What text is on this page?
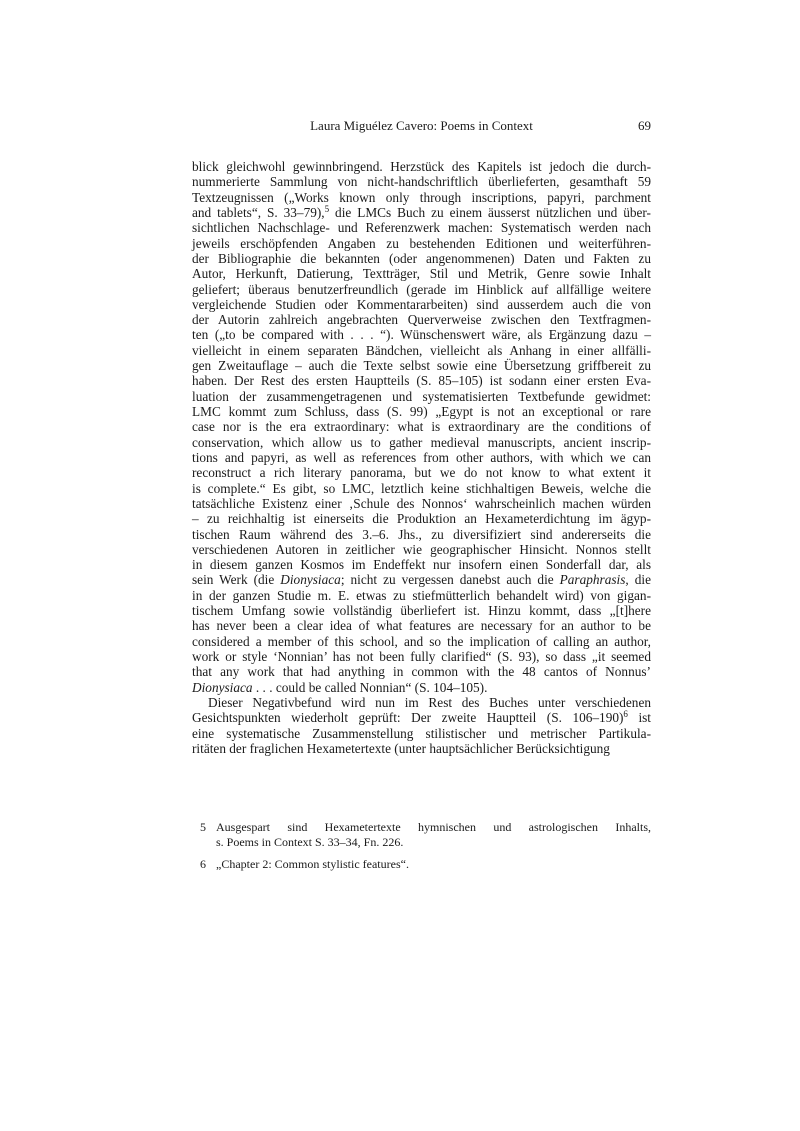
Laura Miguélez Cavero: Poems in Context	69
blick gleichwohl gewinnbringend. Herzstück des Kapitels ist jedoch die durch-
nummerierte Sammlung von nicht-handschriftlich überlieferten, gesamthaft 59
Textzeugnissen („Works known only through inscriptions, papyri, parchment
and tablets“, S. 33–79),$^5$ die LMCs Buch zu einem äusserst nützlichen und über-
sichtlichen Nachschlage- und Referenzwerk machen: Systematisch werden nach
jeweils erschöpfenden Angaben zu bestehenden Editionen und weiterführen-
der Bibliographie die bekannten (oder angenommenen) Daten und Fakten zu
Autor, Herkunft, Datierung, Textträger, Stil und Metrik, Genre sowie Inhalt
geliefert; überaus benutzerfreundlich (gerade im Hinblick auf allfällige weitere
vergleichende Studien oder Kommentararbeiten) sind ausserdem auch die von
der Autorin zahlreich angebrachten Querverweise zwischen den Textfragmen-
ten („to be compared with . . . “). Wünschenswert wäre, als Ergänzung dazu –
vielleicht in einem separaten Bändchen, vielleicht als Anhang in einer allfälli-
gen Zweitauflage – auch die Texte selbst sowie eine Übersetzung griffbereit zu
haben. Der Rest des ersten Hauptteils (S. 85–105) ist sodann einer ersten Eva-
luation der zusammengetragenen und systematisierten Textbefunde gewidmet:
LMC kommt zum Schluss, dass (S. 99) „Egypt is not an exceptional or rare
case nor is the era extraordinary: what is extraordinary are the conditions of
conservation, which allow us to gather medieval manuscripts, ancient inscrip-
tions and papyri, as well as references from other authors, with which we can
reconstruct a rich literary panorama, but we do not know to what extent it
is complete.“ Es gibt, so LMC, letztlich keine stichhaltigen Beweis, welche die
tatsächliche Existenz einer ‚Schule des Nonnos‘ wahrscheinlich machen würden
– zu reichhaltig ist einerseits die Produktion an Hexameterdichtung im ägyp-
tischen Raum während des 3.–6. Jhs., zu diversifiziert sind andererseits die
verschiedenen Autoren in zeitlicher wie geographischer Hinsicht. Nonnos stellt
in diesem ganzen Kosmos im Endeffekt nur insofern einen Sonderfall dar, als
sein Werk (die Dionysiaca; nicht zu vergessen danebst auch die Paraphrasis, die
in der ganzen Studie m. E. etwas zu stiefmütterlich behandelt wird) von gigan-
tischem Umfang sowie vollständig überliefert ist. Hinzu kommt, dass „[t]here
has never been a clear idea of what features are necessary for an author to be
considered a member of this school, and so the implication of calling an author,
work or style ‘Nonnian’ has not been fully clarified“ (S. 93), so dass „it seemed
that any work that had anything in common with the 48 cantos of Nonnus’
Dionysiaca . . . could be called Nonnian“ (S. 104–105).
Dieser Negativbefund wird nun im Rest des Buches unter verschiedenen
Gesichtspunkten wiederholt geprüft: Der zweite Hauptteil (S. 106–190)$^6$ ist
eine systematische Zusammenstellung stilistischer und metrischer Partikula-
ritäten der fraglichen Hexametertexte (unter hauptsächlicher Berücksichtigung
5 Ausgespart sind Hexametertexte hymnischen und astrologischen Inhalts,
s. Poems in Context S. 33–34, Fn. 226.
6 „Chapter 2: Common stylistic features“.
